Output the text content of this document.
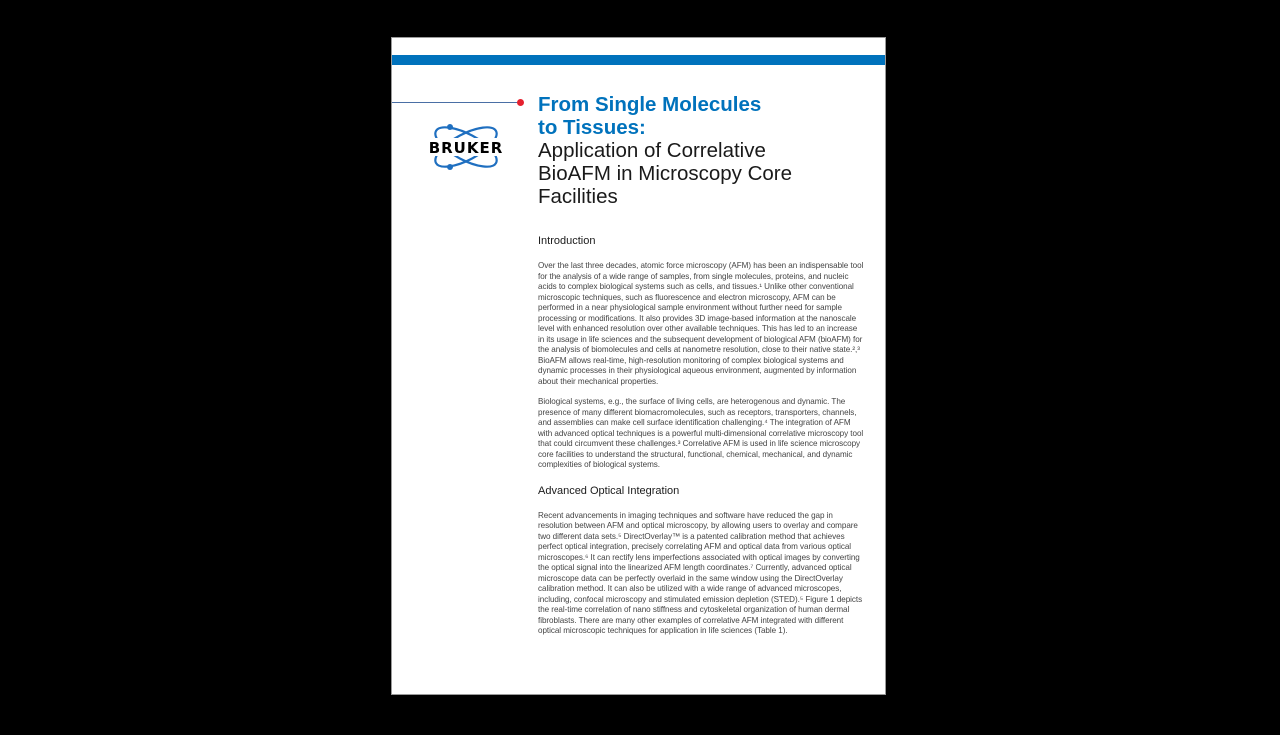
BRUKER
From Single Molecules
to Tissues:
Application of Correlative
BioAFM in Microscopy Core
Facilities
Introduction

Over the last three decades, atomic force microscopy (AFM) has been an indispensable tool for the analysis of a wide range of samples, from single molecules, proteins, and nucleic acids to complex biological systems such as cells, and tissues.¹ Unlike other conventional microscopic techniques, such as fluorescence and electron microscopy, AFM can be performed in a near physiological sample environment without further need for sample processing or modifications. It also provides 3D image-based information at the nanoscale level with enhanced resolution over other available techniques. This has led to an increase in its usage in life sciences and the subsequent development of biological AFM (bioAFM) for the analysis of biomolecules and cells at nanometre resolution, close to their native state.²,³ BioAFM allows real-time, high-resolution monitoring of complex biological systems and dynamic processes in their physiological aqueous environment, augmented by information about their mechanical properties.

Biological systems, e.g., the surface of living cells, are heterogenous and dynamic. The presence of many different biomacromolecules, such as receptors, transporters, channels, and assemblies can make cell surface identification challenging.⁴ The integration of AFM with advanced optical techniques is a powerful multi-dimensional correlative microscopy tool that could circumvent these challenges.³ Correlative AFM is used in life science microscopy core facilities to understand the structural, functional, chemical, mechanical, and dynamic complexities of biological systems.

Advanced Optical Integration

Recent advancements in imaging techniques and software have reduced the gap in resolution between AFM and optical microscopy, by allowing users to overlay and compare two different data sets.⁵ DirectOverlay™ is a patented calibration method that achieves perfect optical integration, precisely correlating AFM and optical data from various optical microscopes.⁶ It can rectify lens imperfections associated with optical images by converting the optical signal into the linearized AFM length coordinates.⁷ Currently, advanced optical microscope data can be perfectly overlaid in the same window using the DirectOverlay calibration method. It can also be utilized with a wide range of advanced microscopes, including, confocal microscopy and stimulated emission depletion (STED).⁵ Figure 1 depicts the real-time correlation of nano stiffness and cytoskeletal organization of human dermal fibroblasts. There are many other examples of correlative AFM integrated with different optical microscopic techniques for application in life sciences (Table 1).
